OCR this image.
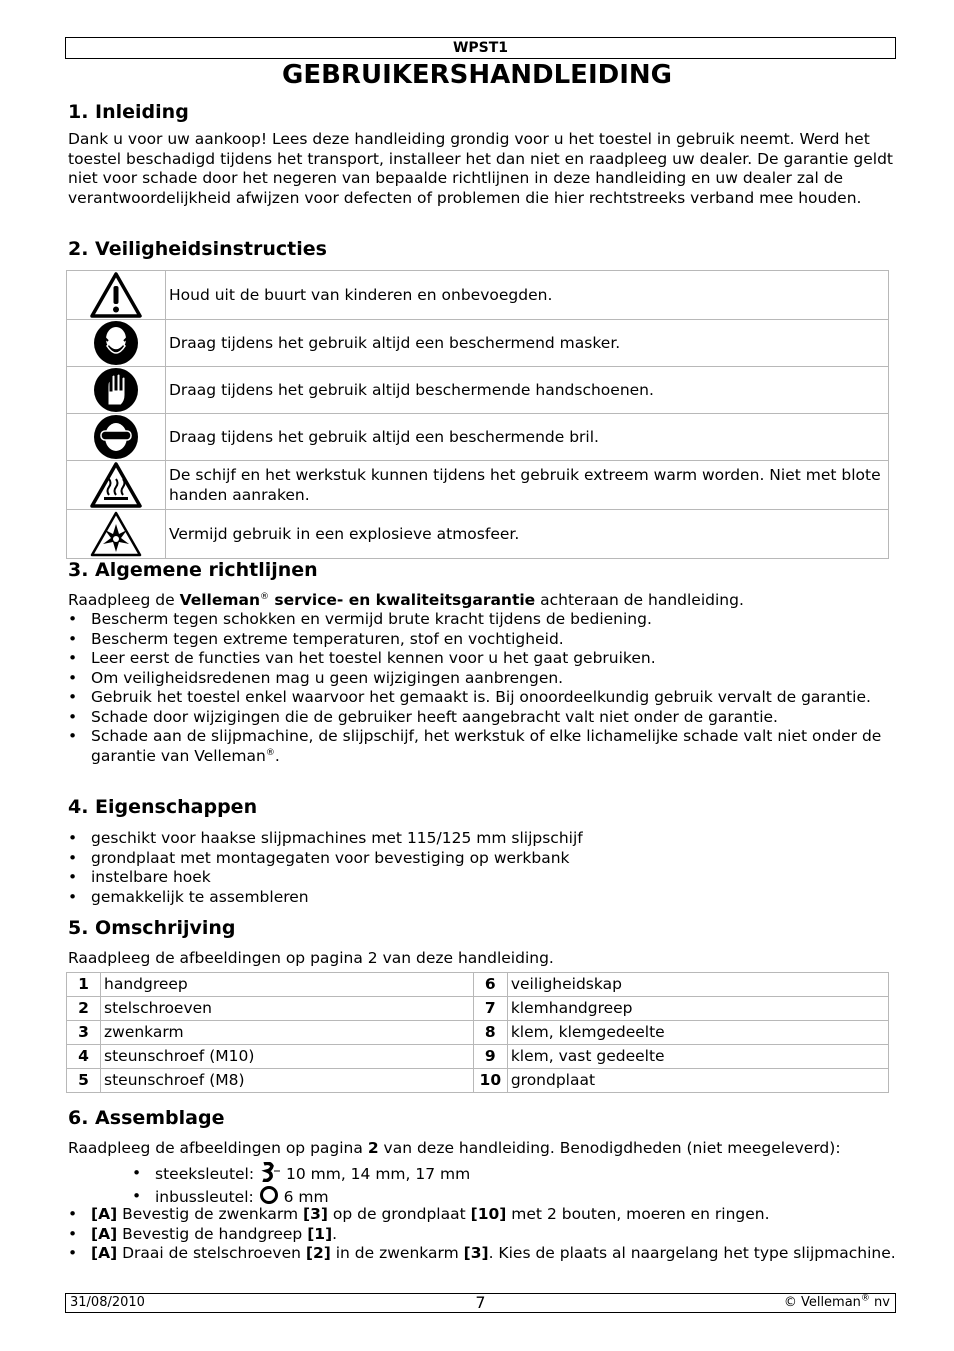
WPST1
GEBRUIKERSHANDLEIDING
1. Inleiding
Dank u voor uw aankoop! Lees deze handleiding grondig voor u het toestel in gebruik neemt. Werd het toestel beschadigd tijdens het transport, installeer het dan niet en raadpleeg uw dealer. De garantie geldt niet voor schade door het negeren van bepaalde richtlijnen in deze handleiding en uw dealer zal de verantwoordelijkheid afwijzen voor defecten of problemen die hier rechtstreeks verband mee houden.
2. Veiligheidsinstructies
	Houd uit de buurt van kinderen en onbevoegden.

	Draag tijdens het gebruik altijd een beschermend masker.

	Draag tijdens het gebruik altijd beschermende handschoenen.

	Draag tijdens het gebruik altijd een beschermende bril.

	De schijf en het werkstuk kunnen tijdens het gebruik extreem warm worden. Niet met blote handen aanraken.

	Vermijd gebruik in een explosieve atmosfeer.
3. Algemene richtlijnen
Raadpleeg de Velleman® service- en kwaliteitsgarantie achteraan de handleiding.
• Bescherm tegen schokken en vermijd brute kracht tijdens de bediening.
• Bescherm tegen extreme temperaturen, stof en vochtigheid.
• Leer eerst de functies van het toestel kennen voor u het gaat gebruiken.
• Om veiligheidsredenen mag u geen wijzigingen aanbrengen.
• Gebruik het toestel enkel waarvoor het gemaakt is. Bij onoordeelkundig gebruik vervalt de garantie.
• Schade door wijzigingen die de gebruiker heeft aangebracht valt niet onder de garantie.
• Schade aan de slijpmachine, de slijpschijf, het werkstuk of elke lichamelijke schade valt niet onder de garantie van Velleman®.
4. Eigenschappen
• geschikt voor haakse slijpmachines met 115/125 mm slijpschijf
• grondplaat met montagegaten voor bevestiging op werkbank
• instelbare hoek
• gemakkelijk te assembleren
5. Omschrijving
Raadpleeg de afbeeldingen op pagina 2 van deze handleiding.
1	handgreep	6	veiligheidskap
2	stelschroeven	7	klemhandgreep
3	zwenkarm	8	klem, klemgedeelte
4	steunschroef (M10)	9	klem, vast gedeelte
5	steunschroef (M8)	10	grondplaat
6. Assemblage
Raadpleeg de afbeeldingen op pagina 2 van deze handleiding. Benodigdheden (niet meegeleverd):
• steeksleutel: 10 mm, 14 mm, 17 mm
• inbussleutel: 6 mm
• [A] Bevestig de zwenkarm [3] op de grondplaat [10] met 2 bouten, moeren en ringen.
• [A] Bevestig de handgreep [1].
• [A] Draai de stelschroeven [2] in de zwenkarm [3]. Kies de plaats al naargelang het type slijpmachine.
31/08/2010	7	© Velleman® nv
